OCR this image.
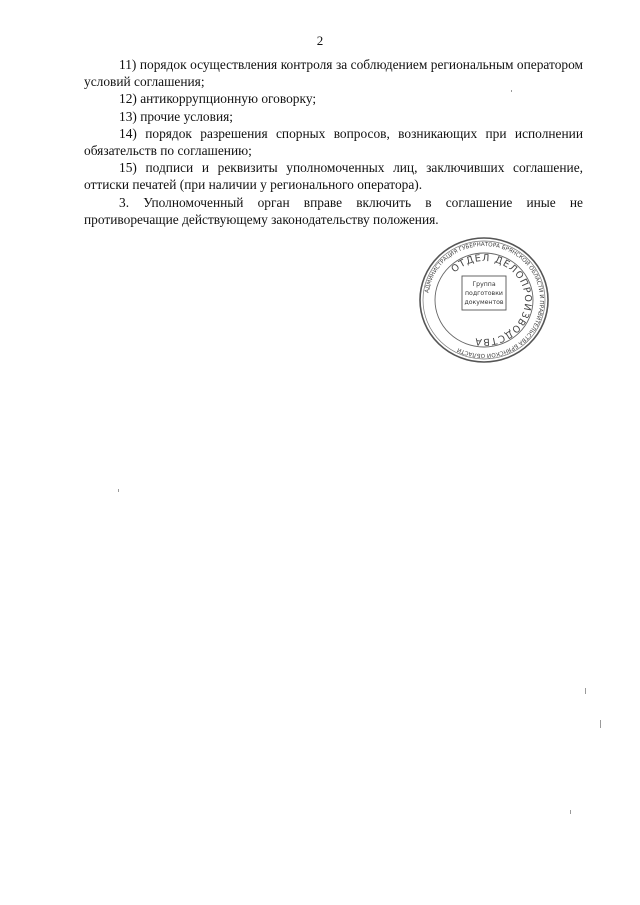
2

11) порядок осуществления контроля за соблюдением региональным оператором условий соглашения;

12) антикоррупционную оговорку;

13) прочие условия;

14) порядок разрешения спорных вопросов, возникающих при исполнении обязательств по соглашению;

15) подписи и реквизиты уполномоченных лиц, заключивших соглашение, оттиски печатей (при наличии у регионального оператора).

3. Уполномоченный орган вправе включить в соглашение иные не противоречащие действующему законодательству положения.

АДМИНИСТРАЦИЯ ГУБЕРНАТОРА БРЯНСКОЙ ОБЛАСТИ И ПРАВИТЕЛЬСТВА БРЯНСКОЙ ОБЛАСТИ
ОТДЕЛ ДЕЛОПРОИЗВОДСТВА
Группа
подготовки
документов
